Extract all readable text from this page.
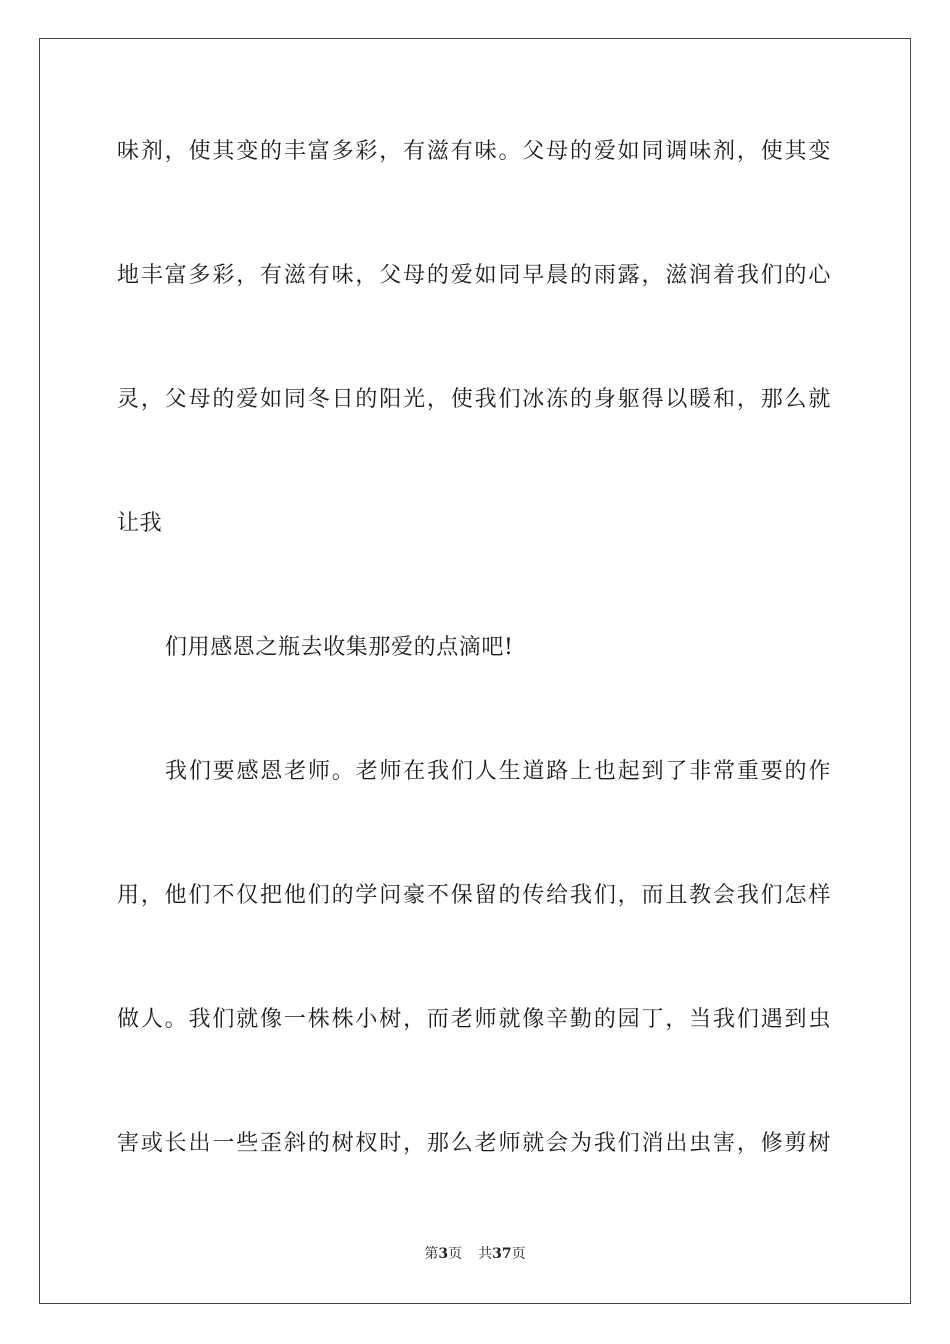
味剂，使其变的丰富多彩，有滋有味。父母的爱如同调味剂，使其变
地丰富多彩，有滋有味，父母的爱如同早晨的雨露，滋润着我们的心
灵，父母的爱如同冬日的阳光，使我们冰冻的身躯得以暖和，那么就
让我
们用感恩之瓶去收集那爱的点滴吧!
我们要感恩老师。老师在我们人生道路上也起到了非常重要的作
用，他们不仅把他们的学问豪不保留的传给我们，而且教会我们怎样
做人。我们就像一株株小树，而老师就像辛勤的园丁，当我们遇到虫
害或长出一些歪斜的树杈时，那么老师就会为我们消出虫害，修剪树
第3页 共37页
